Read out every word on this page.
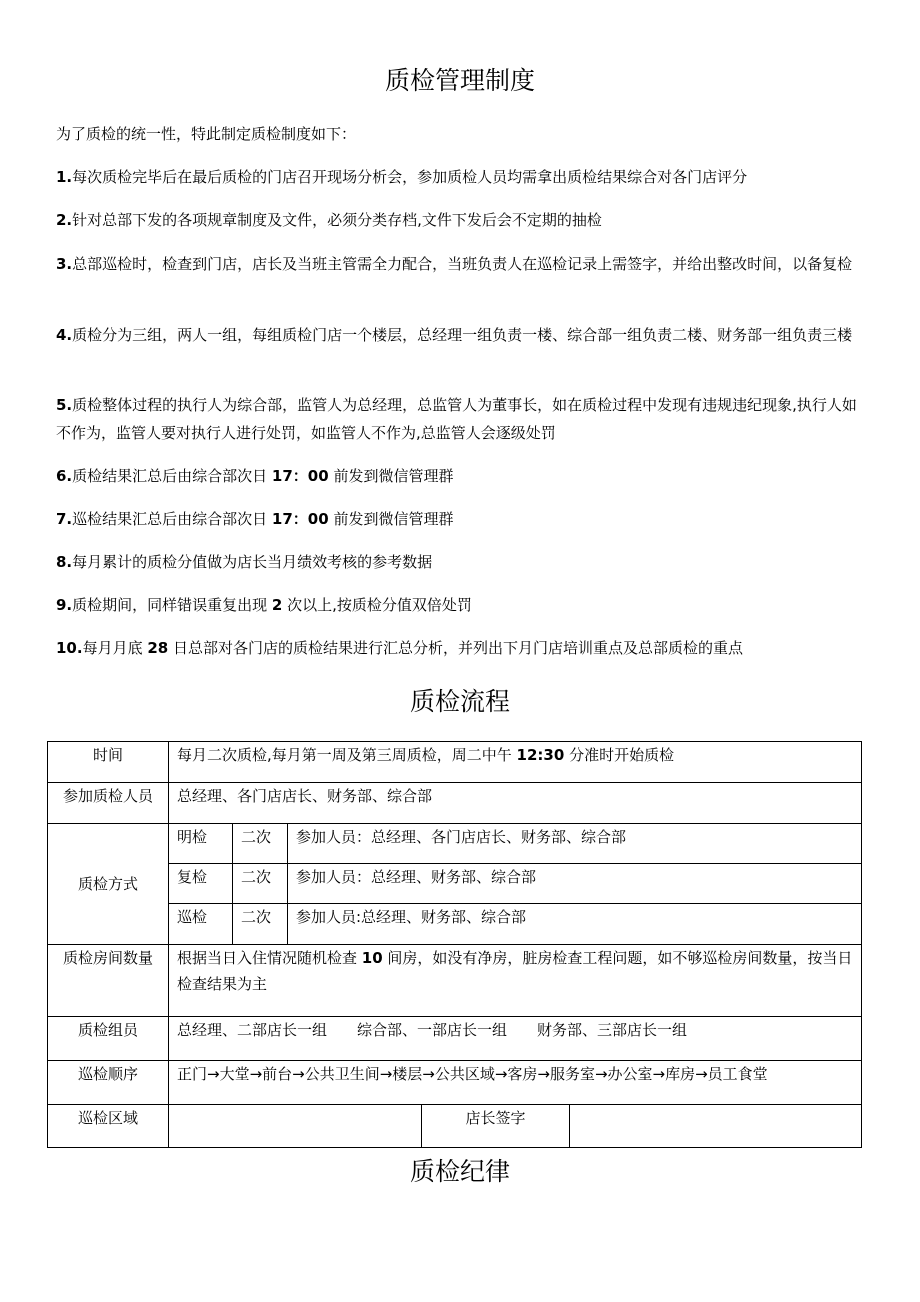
质检管理制度

为了质检的统一性，特此制定质检制度如下：

1.每次质检完毕后在最后质检的门店召开现场分析会，参加质检人员均需拿出质检结果综合对各门店评分

2.针对总部下发的各项规章制度及文件，必须分类存档,文件下发后会不定期的抽检

3.总部巡检时，检查到门店，店长及当班主管需全力配合，当班负责人在巡检记录上需签字，并给出整改时间，以备复检

4.质检分为三组，两人一组，每组质检门店一个楼层，总经理一组负责一楼、综合部一组负责二楼、财务部一组负责三楼

5.质检整体过程的执行人为综合部，监管人为总经理，总监管人为董事长，如在质检过程中发现有违规违纪现象,执行人如不作为，监管人要对执行人进行处罚，如监管人不作为,总监管人会逐级处罚

6.质检结果汇总后由综合部次日 17：00 前发到微信管理群

7.巡检结果汇总后由综合部次日 17：00 前发到微信管理群

8.每月累计的质检分值做为店长当月绩效考核的参考数据

9.质检期间，同样错误重复出现 2 次以上,按质检分值双倍处罚

10.每月月底 28 日总部对各门店的质检结果进行汇总分析，并列出下月门店培训重点及总部质检的重点

质检流程
时间	每月二次质检,每月第一周及第三周质检，周二中午 12:30 分准时开始质检				
参加质检人员	总经理、各门店店长、财务部、综合部				
质检方式	明检	二次	参加人员：总经理、各门店店长、财务部、综合部		
	复检	二次	参加人员：总经理、财务部、综合部		
	巡检	二次	参加人员:总经理、财务部、综合部		
质检房间数量	根据当日入住情况随机检查 10 间房，如没有净房，脏房检查工程问题，如不够巡检房间数量，按当日检查结果为主				
质检组员	总经理、二部店长一组 综合部、一部店长一组 财务部、三部店长一组				
巡检顺序	正门→大堂→前台→公共卫生间→楼层→公共区域→客房→服务室→办公室→库房→员工食堂				
巡检区域				店长签字	
质检纪律
